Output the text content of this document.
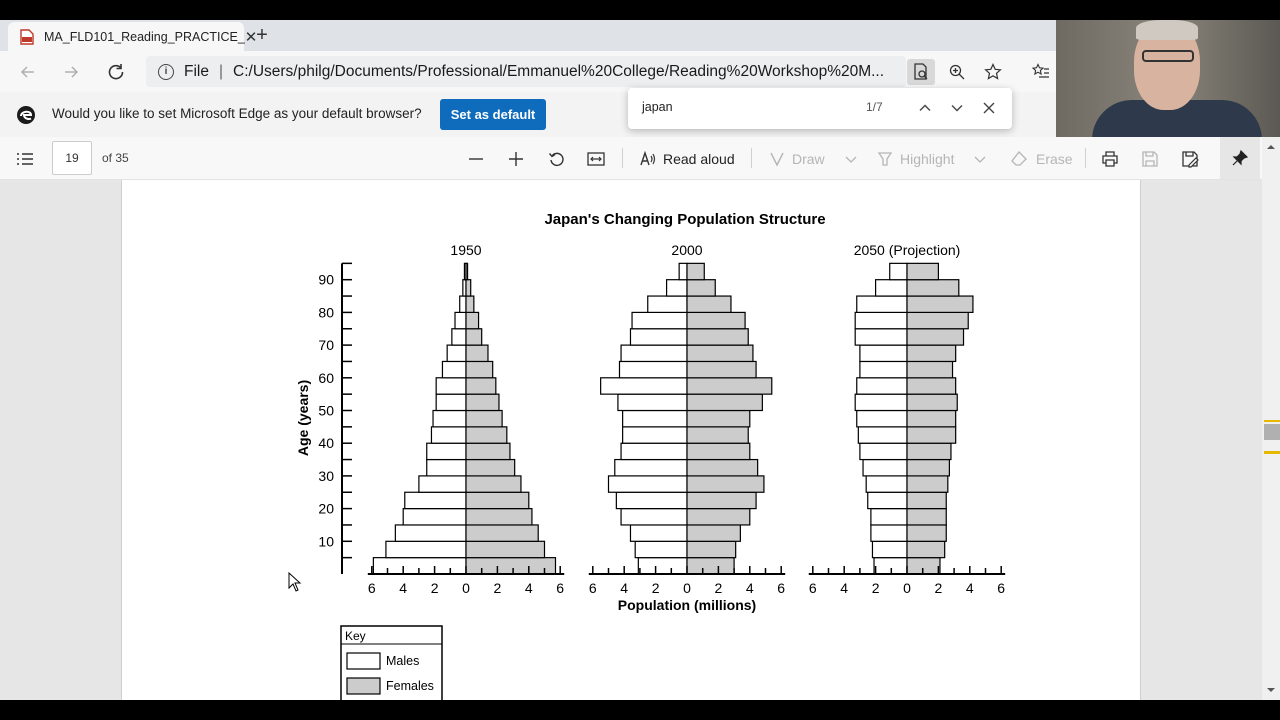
MA_FLD101_Reading_PRACTICE_ ✕
+
i	File | C:/Users/philg/Documents/Professional/Emmanuel%20College/Reading%20Workshop%20M...
Would you like to set Microsoft Edge as your default browser?	Set as default	japan	1/7
19	of 35	Read aloud	Draw	Highlight	Erase
Japan's Changing Population Structure
1950
6 4 2 0 2 4 6
2000
6 4 2 0 2 4 6
2050 (Projection)
6 4 2 0 2 4 6
10
20
30
40
50
60
70
80
90
Population (millions)
Age (years)
Key
Males
Females
